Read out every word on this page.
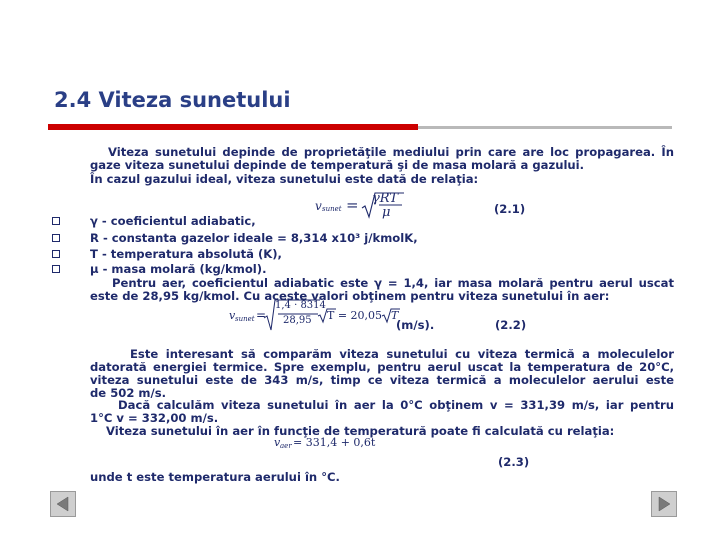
2.4 Viteza sunetului
Viteza sunetului depinde de proprietăţile mediului prin care are loc propagarea. În
gaze viteza sunetului depinde de temperatură şi de masa molară a gazului.
În cazul gazului ideal, viteza sunetului este dată de relaţia:
v sunet = γRT
μ	(2.1)
γ - coeficientul adiabatic,
R - constanta gazelor ideale = 8,314 x10³ j/kmolK,
T - temperatura absolută (K),
µ - masa molară (kg/kmol).
Pentru aer, coeficientul adiabatic este γ = 1,4, iar masa molară pentru aerul uscat
este de 28,95 kg/kmol. Cu aceste valori obţinem pentru viteza sunetului în aer:
v sunet =
1,4 · 8314
28,95 T = 20,05 T
(m/s).	(2.2)
Este interesant să comparăm viteza sunetului cu viteza termică a moleculelor
datorată energiei termice. Spre exemplu, pentru aerul uscat la temperatura de 20°C,
viteza sunetului este de 343 m/s, timp ce viteza termică a moleculelor aerului este
de 502 m/s.
Dacă calculăm viteza sunetului în aer la 0°C obţinem v = 331,39 m/s, iar pentru
1°C v = 332,00 m/s.
Viteza sunetului în aer în funcţie de temperatură poate fi calculată cu relaţia:
v aer = 331,4 + 0,6t
(2.3)
unde t este temperatura aerului în °C.
